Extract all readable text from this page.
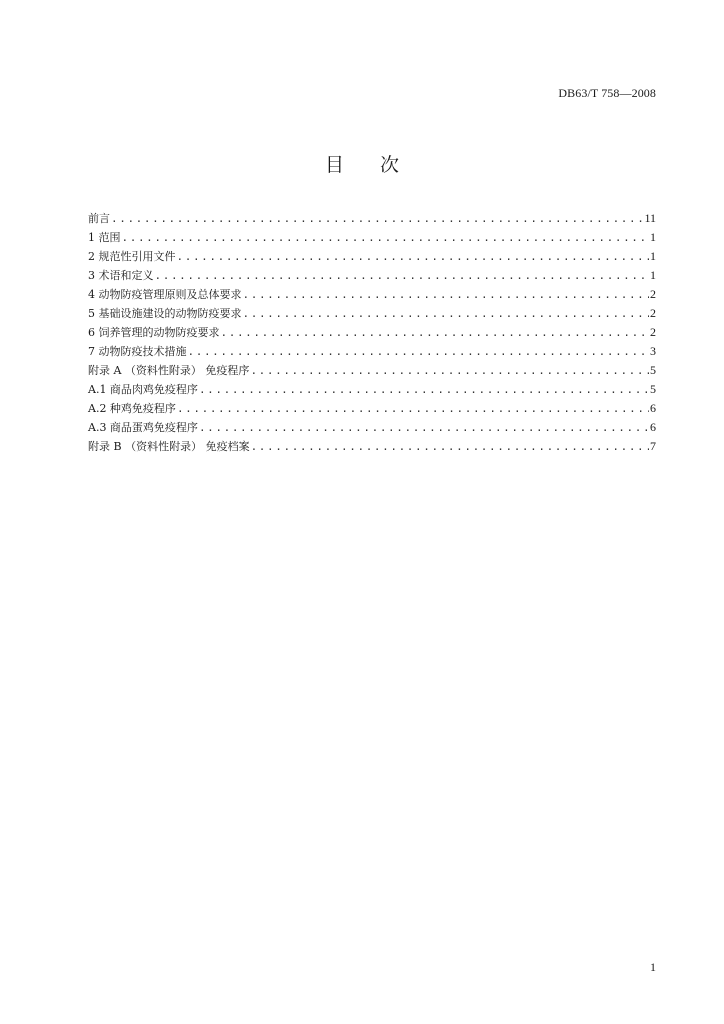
DB63/T 758—2008
目 次
前言 .....	11
1 范围 .....	1
2 规范性引用文件 .....	1
3 术语和定义 .....	1
4 动物防疫管理原则及总体要求 .....	2
5 基础设施建设的动物防疫要求 .....	2
6 饲养管理的动物防疫要求 .....	2
7 动物防疫技术措施 .....	3
附录 A （资料性附录） 免疫程序 .....	5
A.1 商品肉鸡免疫程序 .....	5
A.2 种鸡免疫程序 .....	6
A.3 商品蛋鸡免疫程序 .....	6
附录 B （资料性附录） 免疫档案 .....	7
1
